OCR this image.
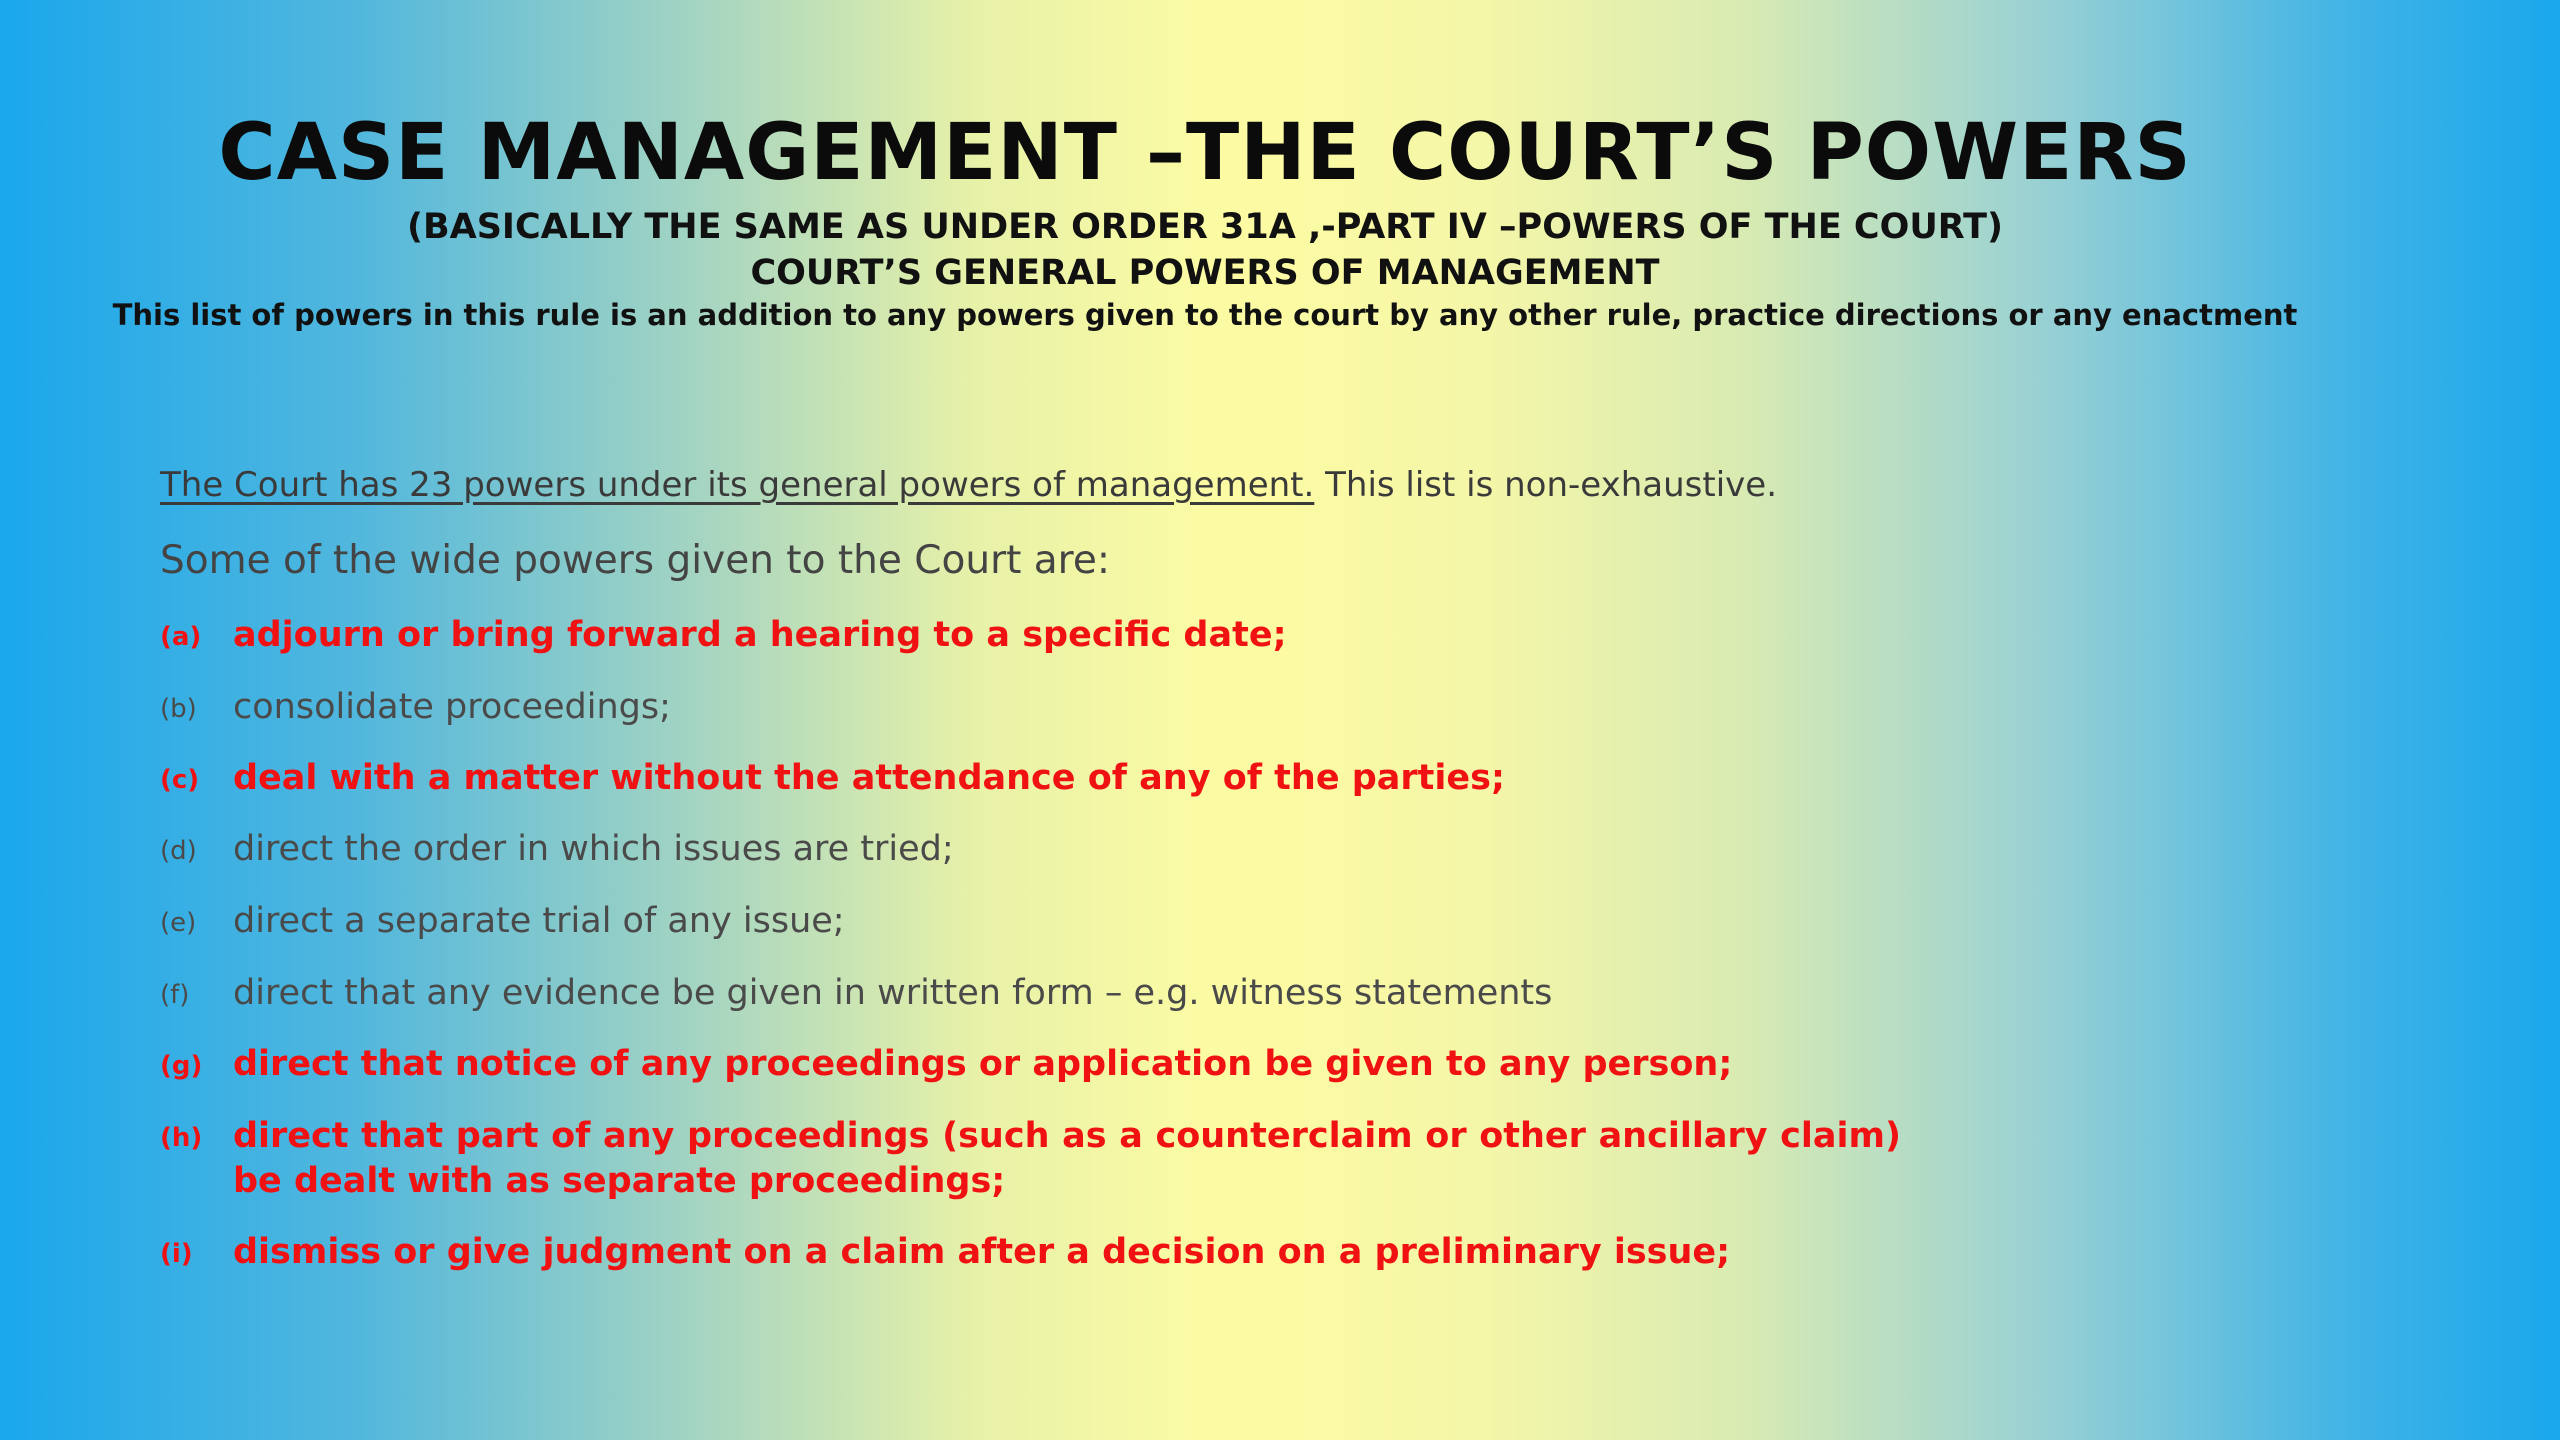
CASE MANAGEMENT –THE COURT’S POWERS
(BASICALLY THE SAME AS UNDER ORDER 31A ,-PART IV –POWERS OF THE COURT)
COURT’S GENERAL POWERS OF MANAGEMENT
This list of powers in this rule is an addition to any powers given to the court by any other rule, practice directions or any enactment
The Court has 23 powers under its general powers of management. This list is non-exhaustive.
Some of the wide powers given to the Court are:
(a) adjourn or bring forward a hearing to a specific date;
(b)	consolidate proceedings;
(c) deal with a matter without the attendance of any of the parties;
(d)	direct the order in which issues are tried;
(e)	direct a separate trial of any issue;
(f)	direct that any evidence be given in written form – e.g. witness statements
(g) direct that notice of any proceedings or application be given to any person;
(h) direct that part of any proceedings (such as a counterclaim or other ancillary claim) be dealt with as separate proceedings;
(i)	dismiss or give judgment on a claim after a decision on a preliminary issue;
